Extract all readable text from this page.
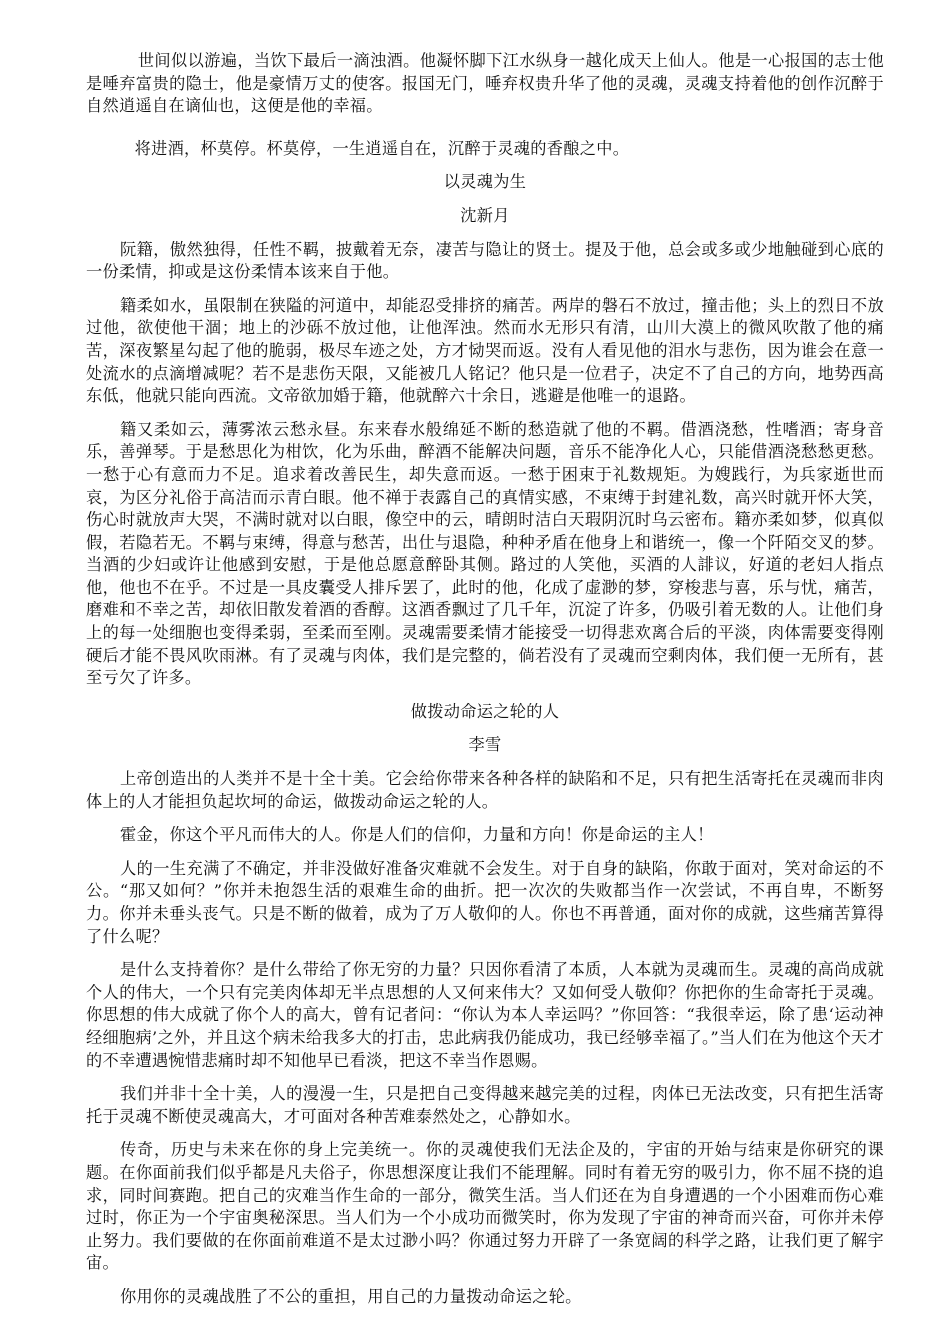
世间似以游遍，当饮下最后一滴浊酒。他凝怀脚下江水纵身一越化成天上仙人。他是一心报国的志士他是唾弃富贵的隐士，他是豪情万丈的使客。报国无门，唾弃权贵升华了他的灵魂，灵魂支持着他的创作沉醉于自然逍遥自在谪仙也，这便是他的幸福。

将进酒，杯莫停。杯莫停，一生逍遥自在，沉醉于灵魂的香酿之中。

以灵魂为生

沈新月

阮籍，傲然独得，任性不羁，披戴着无奈，凄苦与隐让的贤士。提及于他，总会或多或少地触碰到心底的一份柔情，抑或是这份柔情本该来自于他。

籍柔如水，虽限制在狭隘的河道中，却能忍受排挤的痛苦。两岸的磐石不放过，撞击他；头上的烈日不放过他，欲使他干涸；地上的沙砾不放过他，让他浑浊。然而水无形只有清，山川大漠上的微风吹散了他的痛苦，深夜繁星勾起了他的脆弱，极尽车迹之处，方才恸哭而返。没有人看见他的泪水与悲伤，因为谁会在意一处流水的点滴增减呢？若不是悲伤天限，又能被几人铭记？他只是一位君子，决定不了自己的方向，地势西高东低，他就只能向西流。文帝欲加婚于籍，他就醉六十余日，逃避是他唯一的退路。

籍又柔如云，薄雾浓云愁永昼。东来春水般绵延不断的愁造就了他的不羁。借酒浇愁，性嗜酒；寄身音乐，善弹琴。于是愁思化为柑饮，化为乐曲，醉酒不能解决问题，音乐不能净化人心，只能借酒浇愁愁更愁。一愁于心有意而力不足。追求着改善民生，却失意而返。一愁于困束于礼数规矩。为嫂践行，为兵家逝世而哀，为区分礼俗于高洁而示青白眼。他不禅于表露自己的真情实感，不束缚于封建礼数，高兴时就开怀大笑，伤心时就放声大哭，不满时就对以白眼，像空中的云，晴朗时洁白天瑕阴沉时乌云密布。籍亦柔如梦，似真似假，若隐若无。不羁与束缚，得意与愁苦，出仕与退隐，种种矛盾在他身上和谐统一，像一个阡陌交叉的梦。当酒的少妇或许让他感到安慰，于是他总愿意醉卧其侧。路过的人笑他，买酒的人誹议，好道的老妇人指点他，他也不在乎。不过是一具皮囊受人排斥罢了，此时的他，化成了虚渺的梦，穿梭悲与喜，乐与忧，痛苦，磨难和不幸之苦，却依旧散发着酒的香醇。这酒香飘过了几千年，沉淀了许多，仍吸引着无数的人。让他们身上的每一处细胞也变得柔弱，至柔而至刚。灵魂需要柔情才能接受一切得悲欢离合后的平淡，肉体需要变得刚硬后才能不畏风吹雨淋。有了灵魂与肉体，我们是完整的，倘若没有了灵魂而空剩肉体，我们便一无所有，甚至亏欠了许多。

做拨动命运之轮的人

李雪

上帝创造出的人类并不是十全十美。它会给你带来各种各样的缺陷和不足，只有把生活寄托在灵魂而非肉体上的人才能担负起坎坷的命运，做拨动命运之轮的人。

霍金，你这个平凡而伟大的人。你是人们的信仰，力量和方向！你是命运的主人！

人的一生充满了不确定，并非没做好准备灾难就不会发生。对于自身的缺陷，你敢于面对，笑对命运的不公。“那又如何？”你并未抱怨生活的艰难生命的曲折。把一次次的失败都当作一次尝试，不再自卑，不断努力。你并未垂头丧气。只是不断的做着，成为了万人敬仰的人。你也不再普通，面对你的成就，这些痛苦算得了什么呢？

是什么支持着你？是什么带给了你无穷的力量？只因你看清了本质，人本就为灵魂而生。灵魂的高尚成就个人的伟大，一个只有完美肉体却无半点思想的人又何来伟大？又如何受人敬仰？你把你的生命寄托于灵魂。你思想的伟大成就了你个人的高大，曾有记者问：“你认为本人幸运吗？”你回答：“我很幸运，除了患‘运动神经细胞病’之外，并且这个病未给我多大的打击，忠此病我仍能成功，我已经够幸福了。”当人们在为他这个天才的不幸遭遇惋惜悲痛时却不知他早已看淡，把这不幸当作恩赐。

我们并非十全十美，人的漫漫一生，只是把自己变得越来越完美的过程，肉体已无法改变，只有把生活寄托于灵魂不断使灵魂高大，才可面对各种苦难泰然处之，心静如水。

传奇，历史与未来在你的身上完美统一。你的灵魂使我们无法企及的，宇宙的开始与结束是你研究的课题。在你面前我们似乎都是凡夫俗子，你思想深度让我们不能理解。同时有着无穷的吸引力，你不屈不挠的追求，同时间赛跑。把自己的灾难当作生命的一部分，微笑生活。当人们还在为自身遭遇的一个小困难而伤心难过时，你正为一个宇宙奥秘深思。当人们为一个小成功而微笑时，你为发现了宇宙的神奇而兴奋，可你并未停止努力。我们要做的在你面前难道不是太过渺小吗？你通过努力开辟了一条宽阔的科学之路，让我们更了解宇宙。

你用你的灵魂战胜了不公的重担，用自己的力量拨动命运之轮。
